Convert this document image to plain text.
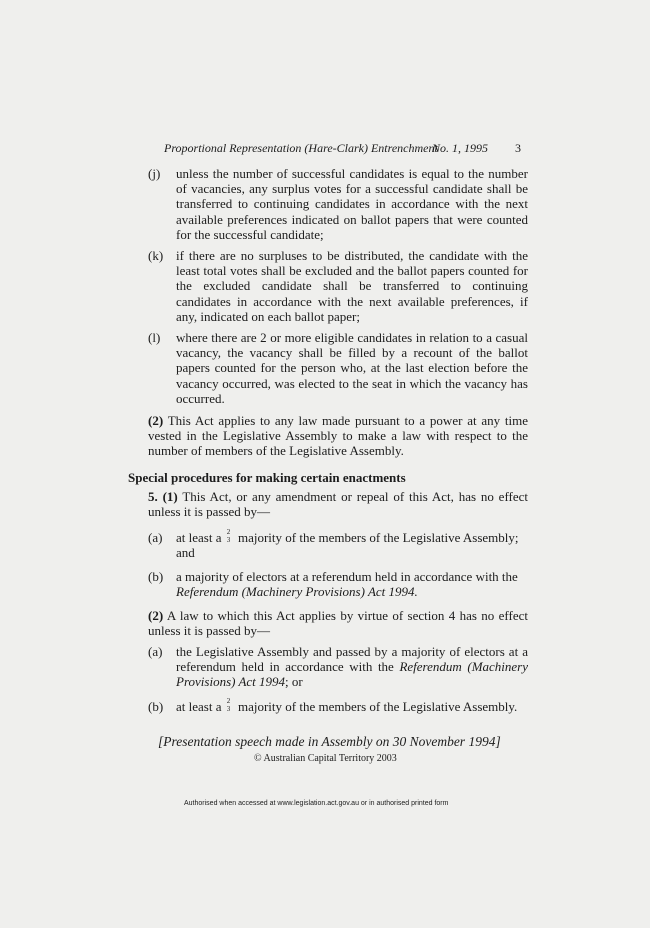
Proportional Representation (Hare-Clark) Entrenchment
No. 1, 1995 3
(j) unless the number of successful candidates is equal to the number of vacancies, any surplus votes for a successful candidate shall be transferred to continuing candidates in accordance with the next available preferences indicated on ballot papers that were counted for the successful candidate;
(k) if there are no surpluses to be distributed, the candidate with the least total votes shall be excluded and the ballot papers counted for the excluded candidate shall be transferred to continuing candidates in accordance with the next available preferences, if any, indicated on each ballot paper;
(l) where there are 2 or more eligible candidates in relation to a casual vacancy, the vacancy shall be filled by a recount of the ballot papers counted for the person who, at the last election before the vacancy occurred, was elected to the seat in which the vacancy has occurred.
(2) This Act applies to any law made pursuant to a power at any time vested in the Legislative Assembly to make a law with respect to the number of members of the Legislative Assembly.
Special procedures for making certain enactments
5. (1) This Act, or any amendment or repeal of this Act, has no effect unless it is passed by—
(a) at least a 2
3 majority of the members of the Legislative Assembly; and
(b) a majority of electors at a referendum held in accordance with the Referendum (Machinery Provisions) Act 1994.
(2) A law to which this Act applies by virtue of section 4 has no effect unless it is passed by—
(a) the Legislative Assembly and passed by a majority of electors at a referendum held in accordance with the Referendum (Machinery Provisions) Act 1994; or
(b) at least a 2
3 majority of the members of the Legislative Assembly.
[Presentation speech made in Assembly on 30 November 1994]
© Australian Capital Territory 2003
Authorised when accessed at www.legislation.act.gov.au or in authorised printed form
